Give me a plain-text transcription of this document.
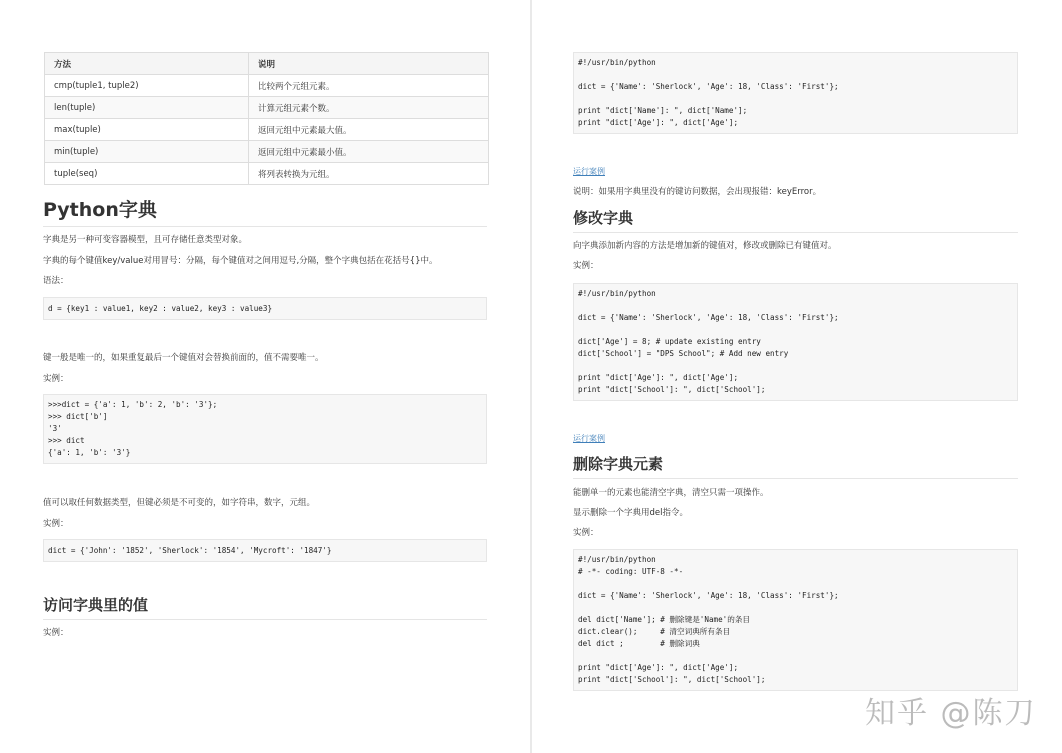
方法	说明
cmp(tuple1, tuple2)	比较两个元组元素。
len(tuple)	计算元组元素个数。
max(tuple)	返回元组中元素最大值。
min(tuple)	返回元组中元素最小值。
tuple(seq)	将列表转换为元组。
Python字典
字典是另一种可变容器模型，且可存储任意类型对象。
字典的每个键值key/value对用冒号：分隔，每个键值对之间用逗号,分隔，整个字典包括在花括号{}中。
语法：
d = {key1 : value1, key2 : value2, key3 : value3}
键一般是唯一的，如果重复最后一个键值对会替换前面的，值不需要唯一。
实例：
>>>dict = {'a': 1, 'b': 2, 'b': '3'};
>>> dict['b']
'3'
>>> dict
{'a': 1, 'b': '3'}
值可以取任何数据类型，但键必须是不可变的，如字符串，数字，元组。
实例：
dict = {'John': '1852', 'Sherlock': '1854', 'Mycroft': '1847'}
访问字典里的值
实例：
#!/usr/bin/python

dict = {'Name': 'Sherlock', 'Age': 18, 'Class': 'First'};

print "dict['Name']: ", dict['Name'];
print "dict['Age']: ", dict['Age'];
运行案例
说明：如果用字典里没有的键访问数据，会出现报错：keyError。
修改字典
向字典添加新内容的方法是增加新的键值对，修改或删除已有键值对。
实例：
#!/usr/bin/python

dict = {'Name': 'Sherlock', 'Age': 18, 'Class': 'First'};

dict['Age'] = 8; # update existing entry
dict['School'] = "DPS School"; # Add new entry

print "dict['Age']: ", dict['Age'];
print "dict['School']: ", dict['School'];
运行案例
删除字典元素
能删单一的元素也能清空字典，清空只需一项操作。
显示删除一个字典用del指令。
实例：
#!/usr/bin/python
# -*- coding: UTF-8 -*-

dict = {'Name': 'Sherlock', 'Age': 18, 'Class': 'First'};

del dict['Name']; # 删除键是'Name'的条目
dict.clear();     # 清空词典所有条目
del dict ;        # 删除词典

print "dict['Age']: ", dict['Age'];
print "dict['School']: ", dict['School'];
知乎 @陈刀
